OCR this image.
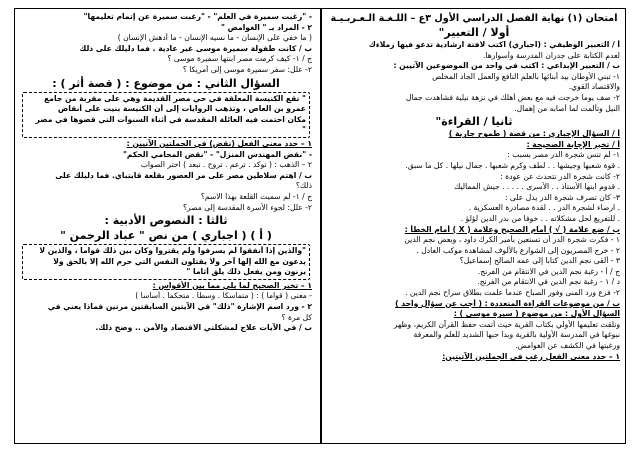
امتحان (١) نهاية الفصل الدراسي الأول ٣ع – اللـغـة الـعـربـيـة
أولا / التعبير"
أ / التعبير الوظيفي : (اجباري) اكتب لافتة ارشادية تدعو فيها زملاءك
لعدم الكتابة على جدران المدرسة وأسوارها.
ب / التعبير الإبداعي : اكتب في واحد من الموضوعين الآتيين :
١- تبني الأوطان بيد أبنائها بالعلم النافع والعمل الجاد المخلص
والاقتصاد القوي.
٢- صف يوما خرجت فيه مع بعض أهلك في نزهة نيلية فشاهدت جمال
النيل وتألمت لما أصابه من إهمال.
ثانيا / القراءة"
أ / السؤال الإجباري : من قصة ( طموح جارية )
أ / تخير الإجابة الصحيحة :
١- لم تنس شجرة الدر مصر بسبب :
. قوة شعبها وجيشها . . لطف وكرم شعبها . جمال نيلها . كل ما سبق.
٢- كانت شجرة الدر تتحدث عن عودة :
. قدوم ابنها الأستاذ . . الأسرى . . . . . جيش المماليك
٣- كان تصرف شجرة الدر يدل على :
. ارضاء لشجرة الدر . . لقدة مصادرة العسكرية .
. للتفريغ لحل مشكلاته . . خوفا من بدر الدين لؤلؤ .
ب / ضع علامة ( √ ) أمام الصحيح وعلامة ( X ) أمام الخطأ :
١ - فكرت شجرة الدر أن تستعين بأمير الكرك داود ، وبعض نجم الدين
٢ - خرج المصريون إلى الشوارع بالألوف لمشاهدة موكب العادل .
٣ - ألقى نجم الدين كتابا إلى عمه الصالح إسماعيل؟
ج / أ - رغبة نجم الدين في الانتقام من الفرنج.
د / ١ - رغبة نجم الدين في الانتقام من الفرنج.
٢- فزع ورد المنى وفور الصباح عندما علمت بطلاق سراح نجم الدين .
ب / من موضوعات القراءة المتعددة : ( أجب عن سؤال واحد )
السؤال الأول : من موضوع ( سيرة موسى ) :
وتلقت تعليمها الأولي بكتاب القرية حيث أتمت حفظ القرآن الكريم، وظهر
نبوغها في المدرسة الأولية بالقرية وبدا حبها الشديد للعلم والمعرفة
ورغبتها في الكشف عن الغوامض.
١ – حدد معنى الفعل رغب في الجملتين الآتيتين:
- "رغبت سميرة في العلم" - "رغبت سميرة عن إتمام تعليمها"
٢ - المراد بـ " الغوامض "
( ما خفي على الإنسان - ما نسيه الإنسان - ما أدهش الإنسان )
ب / كانت طفولة سميرة موسى غير عادية . فما دليلك على ذلك
ج / ١- كيف كرمت مصر ابنتها سميرة موسى ؟
٢- علل: سفر سميرة موسى إلى أمريكا ؟
السؤال الثاني : من موضوع : ( قصة أثر ) :
" تقع الكنيسة المعلقة في حي مصر القديمة وهي على مقربة من جامع
عمرو بن العاص ، وتذهب الروايات إلى أن الكنيسة بنيت على أنقاض
مكان احتمت فيه العائلة المقدسة في أثناء السنوات التي قضوها في مصر
"
١ – حدد معنى الفعل (نقض) في الجملتين الآتيين :
- "نقض المهندس المنزل" - "نقض المحامي الحكم"
٢ – الذهب : ( توكد . ترعم . تروح . تبعد ) اختر الصواب
ب / اهتم سلاطين مصر على مر العصور بقلعة قايتباي. فما دليلك على
ذلك؟
ج / ١- لم سميت القلعة بهذا الاسم؟
٢- علل: لجوء الأسرة المقدسة إلى مصر؟
ثالثا : النصوص الأدبية :
( أ ) ( اجباري ) من نص " عباد الرحمن "
"والذين إذا أنفقوا لم يسرفوا ولم يقتروا وكان بين ذلك قواما ، والذين لا
يدعون مع الله إلها آخر ولا يقتلون النفس التي حرم الله إلا بالحق ولا
يزنون ومن يفعل ذلك يلق أثاما "
١ – تخير الصحيح لما يلي مما بين الأقواس :
- معنى ( قواما ) : ( متماسكا . وسطا . متحكما . أساسا )
٢ - ورد اسم الإشارة "ذلك" في الآيتين السابقتين مرتين فماذا يعني في
كل مرة ؟
ب / في الآيات علاج لمشكلتي الاقتصاد والأمن .. وضح ذلك.
